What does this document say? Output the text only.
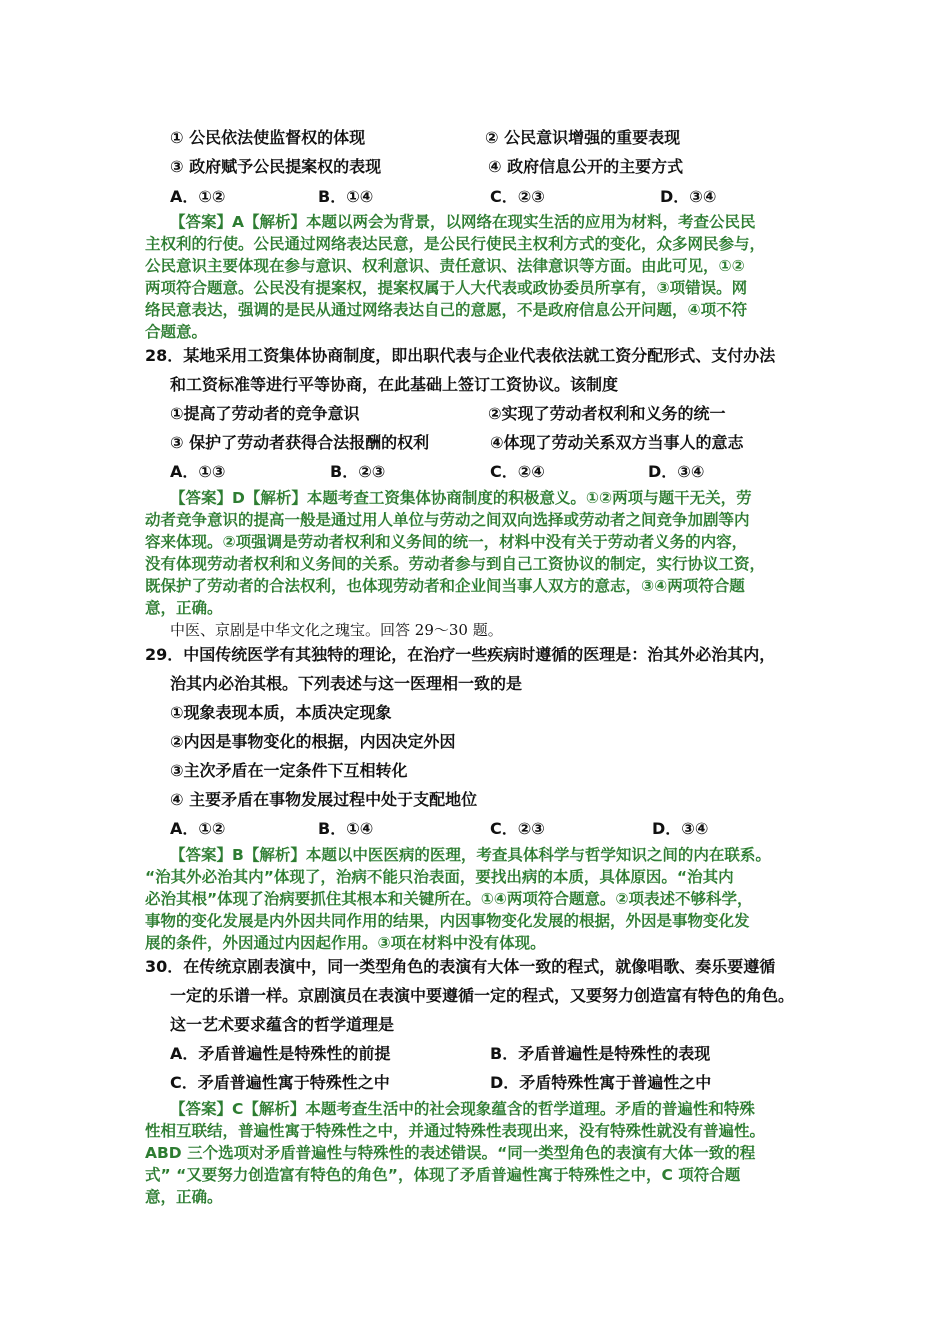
① 公民依法使监督权的体现	② 公民意识增强的重要表现
③ 政府赋予公民提案权的表现	④ 政府信息公开的主要方式
A．①②	B．①④	C．②③	D．③④
【答案】A【解析】本题以两会为背景，以网络在现实生活的应用为材料，考查公民民
主权利的行使。公民通过网络表达民意，是公民行使民主权利方式的变化，众多网民参与，
公民意识主要体现在参与意识、权利意识、责任意识、法律意识等方面。由此可见，①②
两项符合题意。公民没有提案权，提案权属于人大代表或政协委员所享有，③项错误。网
络民意表达，强调的是民从通过网络表达自己的意愿，不是政府信息公开问题，④项不符
合题意。
28．某地采用工资集体协商制度，即出职代表与企业代表依法就工资分配形式、支付办法
和工资标准等进行平等协商，在此基础上签订工资协议。该制度
①提高了劳动者的竞争意识	②实现了劳动者权利和义务的统一
③ 保护了劳动者获得合法报酬的权利	④体现了劳动关系双方当事人的意志
A．①③	B．②③	C．②④	D．③④
【答案】D【解析】本题考查工资集体协商制度的积极意义。①②两项与题干无关，劳
动者竞争意识的提高一般是通过用人单位与劳动之间双向选择或劳动者之间竞争加剧等内
容来体现。②项强调是劳动者权利和义务间的统一，材料中没有关于劳动者义务的内容，
没有体现劳动者权利和义务间的关系。劳动者参与到自己工资协议的制定，实行协议工资，
既保护了劳动者的合法权利，也体现劳动者和企业间当事人双方的意志，③④两项符合题
意，正确。
中医、京剧是中华文化之瑰宝。回答 29～30 题。
29．中国传统医学有其独特的理论，在治疗一些疾病时遵循的医理是：治其外必治其内，
治其内必治其根。下列表述与这一医理相一致的是
①现象表现本质，本质决定现象
②内因是事物变化的根据，内因决定外因
③主次矛盾在一定条件下互相转化
④ 主要矛盾在事物发展过程中处于支配地位
A．①②	B．①④	C．②③	D．③④
【答案】B【解析】本题以中医医病的医理，考查具体科学与哲学知识之间的内在联系。
“治其外必治其内”体现了，治病不能只治表面，要找出病的本质，具体原因。“治其内
必治其根”体现了治病要抓住其根本和关键所在。①④两项符合题意。②项表述不够科学，
事物的变化发展是内外因共同作用的结果，内因事物变化发展的根据，外因是事物变化发
展的条件，外因通过内因起作用。③项在材料中没有体现。
30．在传统京剧表演中，同一类型角色的表演有大体一致的程式，就像唱歌、奏乐要遵循
一定的乐谱一样。京剧演员在表演中要遵循一定的程式，又要努力创造富有特色的角色。
这一艺术要求蕴含的哲学道理是
A．矛盾普遍性是特殊性的前提	B．矛盾普遍性是特殊性的表现
C．矛盾普遍性寓于特殊性之中	D．矛盾特殊性寓于普遍性之中
【答案】C【解析】本题考查生活中的社会现象蕴含的哲学道理。矛盾的普遍性和特殊
性相互联结，普遍性寓于特殊性之中，并通过特殊性表现出来，没有特殊性就没有普遍性。
ABD 三个选项对矛盾普遍性与特殊性的表述错误。“同一类型角色的表演有大体一致的程
式” “又要努力创造富有特色的角色”，体现了矛盾普遍性寓于特殊性之中，C 项符合题
意，正确。
